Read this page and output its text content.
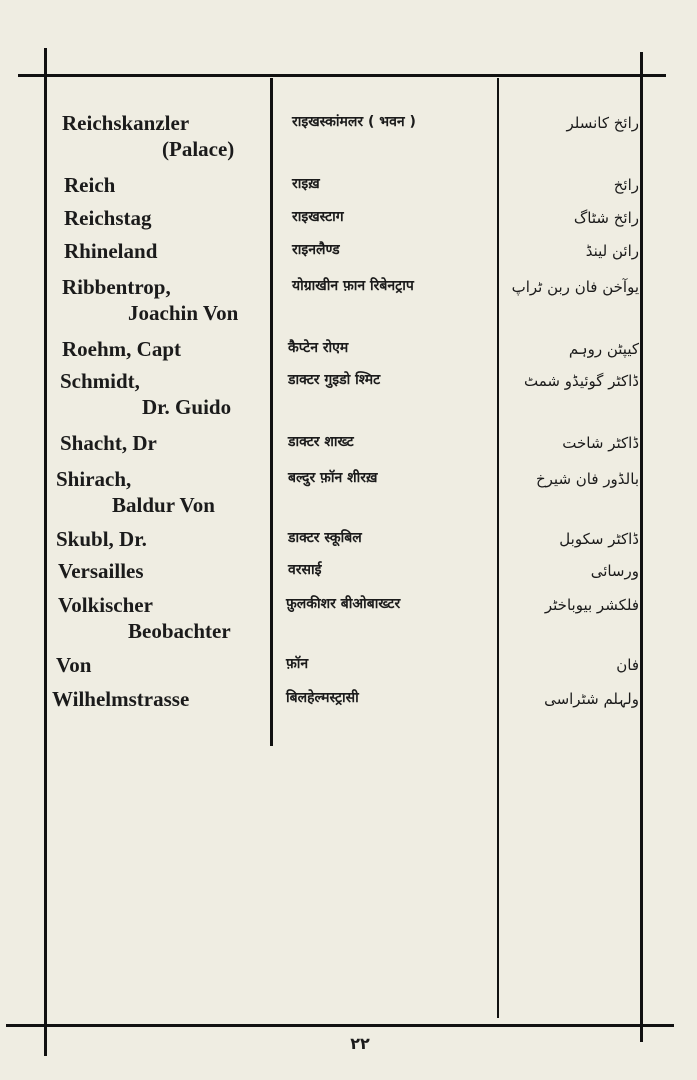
Reichskanzler
(Palace)
राइखस्कांमलर ( भवन )	رائخ کانسلر
Reich	राइख़	رائخ
Reichstag	राइखस्टाग	رائخ شٹاگ
Rhineland	राइनलैण्ड	رائن لینڈ
Ribbentrop,
Joachin Von
योग्राखीन फ़ान रिबेनट्राप	یوآخن فان ربن ٹراپ
Roehm, Capt	कैप्टेन रोएम	کیپٹن روہم
Schmidt,
Dr. Guido
डाक्टर गुइडो श्मिट	ڈاکٹر گوئیڈو شمٹ
Shacht, Dr	डाक्टर शाख्ट	ڈاکٹر شاخت
Shirach,
Baldur Von
बल्दुर फ़ॉन शीरख़	بالڈور فان شیرخ
Skubl, Dr.	डाक्टर स्कूबिल	ڈاکٹر سکوبل
Versailles	वरसाई	ورسائی
Volkischer
Beobachter
फ़ुलकीशर बीओबाख्टर	فلکشر بیوباخٹر
Von	फ़ॉन	فان
Wilhelmstrasse	बिलहेल्मस्ट्रासी	ولہلم شٹراسی
۲۲
